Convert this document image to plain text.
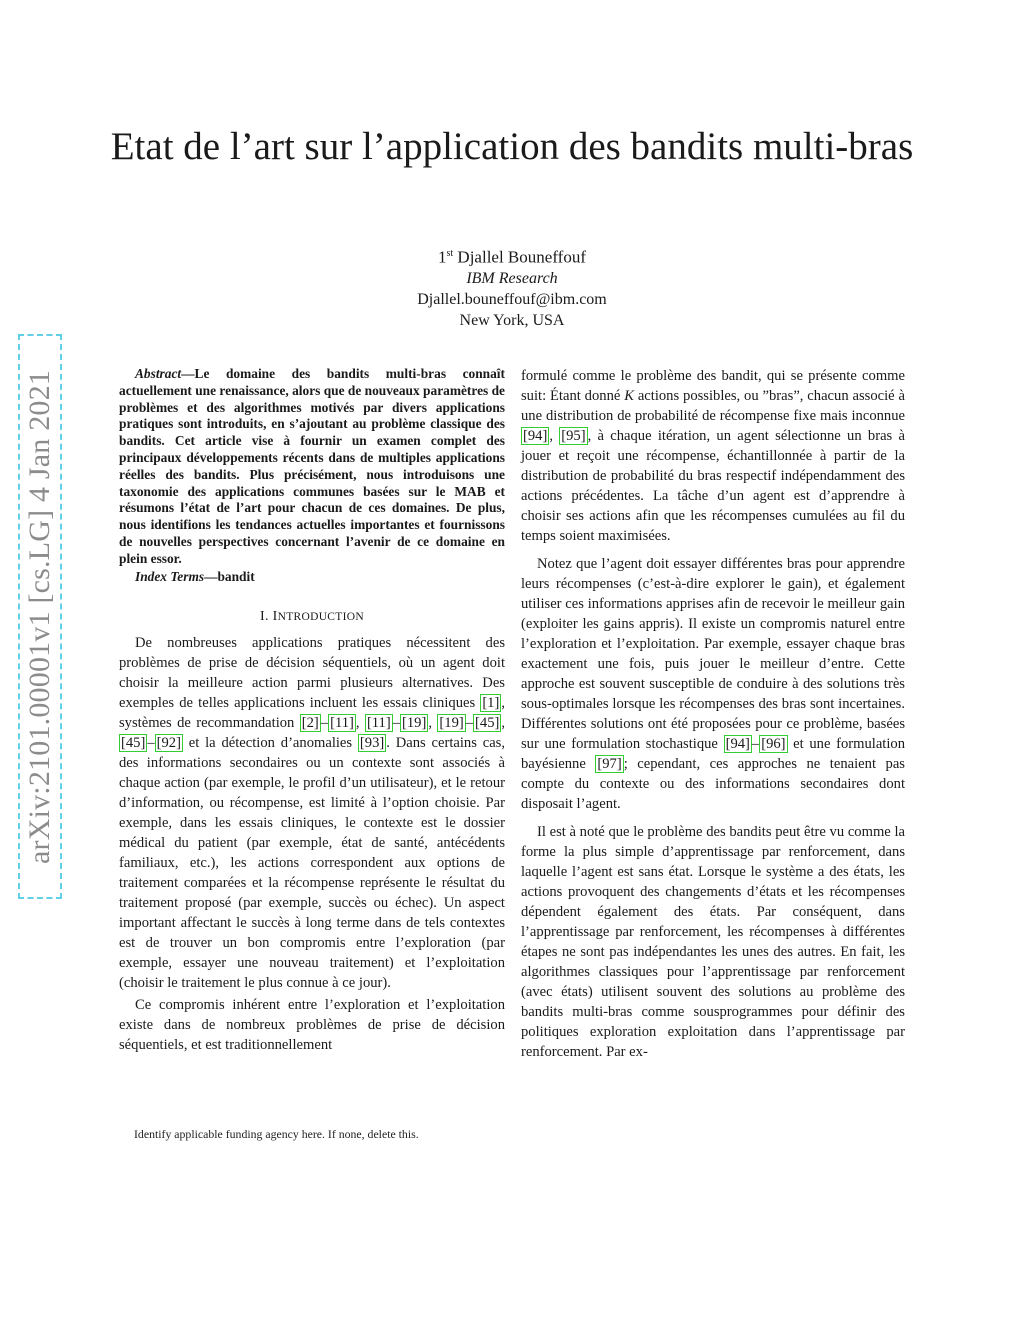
Etat de l’art sur l’application des bandits multi-bras
1st Djallel Bouneffouf
IBM Research
Djallel.bouneffouf@ibm.com
New York, USA
arXiv:2101.00001v1 [cs.LG] 4 Jan 2021	Abstract—Le domaine des bandits multi-bras connaît actuellement une renaissance, alors que de nouveaux paramètres de problèmes et des algorithmes motivés par divers applications pratiques sont introduits, en s’ajoutant au problème classique des bandits. Cet article vise à fournir un examen complet des principaux développements récents dans de multiples applications réelles des bandits. Plus précisément, nous introduisons une taxonomie des applications communes basées sur le MAB et résumons l’état de l’art pour chacun de ces domaines. De plus, nous identifions les tendances actuelles importantes et fournissons de nouvelles perspectives concernant l’avenir de ce domaine en plein essor.

Index Terms—bandit

I. INTRODUCTION

De nombreuses applications pratiques nécessitent des problèmes de prise de décision séquentiels, où un agent doit choisir la meilleure action parmi plusieurs alternatives. Des exemples de telles applications incluent les essais cliniques [1] , systèmes de recommandation [2] – [11] , [11] – [19] , [19] – [45] , [45] – [92] et la détection d’anomalies [93] . Dans certains cas, des informations secondaires ou un contexte sont associés à chaque action (par exemple, le profil d’un utilisateur), et le retour d’information, ou récompense, est limité à l’option choisie. Par exemple, dans les essais cliniques, le contexte est le dossier médical du patient (par exemple, état de santé, antécédents familiaux, etc.), les actions correspondent aux options de traitement comparées et la récompense représente le résultat du traitement proposé (par exemple, succès ou échec). Un aspect important affectant le succès à long terme dans de tels contextes est de trouver un bon compromis entre l’exploration (par exemple, essayer une nouveau traitement) et l’exploitation (choisir le traitement le plus connue à ce jour).

Ce compromis inhérent entre l’exploration et l’exploitation existe dans de nombreux problèmes de prise de décision séquentiels, et est traditionnellement

formulé comme le problème des bandit, qui se présente comme suit: Étant donné K actions possibles, ou ”bras”, chacun associé à une distribution de probabilité de récompense fixe mais inconnue [94] , [95] , à chaque itération, un agent sélectionne un bras à jouer et reçoit une récompense, échantillonnée à partir de la distribution de probabilité du bras respectif indépendamment des actions précédentes. La tâche d’un agent est d’apprendre à choisir ses actions afin que les récompenses cumulées au fil du temps soient maximisées.

Notez que l’agent doit essayer différentes bras pour apprendre leurs récompenses (c’est-à-dire explorer le gain), et également utiliser ces informations apprises afin de recevoir le meilleur gain (exploiter les gains appris). Il existe un compromis naturel entre l’exploration et l’exploitation. Par exemple, essayer chaque bras exactement une fois, puis jouer le meilleur d’entre. Cette approche est souvent susceptible de conduire à des solutions très sous-optimales lorsque les récompenses des bras sont incertaines. Différentes solutions ont été proposées pour ce problème, basées sur une formulation stochastique [94] – [96] et une formulation bayésienne [97] ; cependant, ces approches ne tenaient pas compte du contexte ou des informations secondaires dont disposait l’agent.

Il est à noté que le problème des bandits peut être vu comme la forme la plus simple d’apprentissage par renforcement, dans laquelle l’agent est sans état. Lorsque le système a des états, les actions provoquent des changements d’états et les récompenses dépendent également des états. Par conséquent, dans l’apprentissage par renforcement, les récompenses à différentes étapes ne sont pas indépendantes les unes des autres. En fait, les algorithmes classiques pour l’apprentissage par renforcement (avec états) utilisent souvent des solutions au problème des bandits multi-bras comme sousprogrammes pour définir des politiques exploration exploitation dans l’apprentissage par renforcement. Par ex-

Identify applicable funding agency here. If none, delete this.
